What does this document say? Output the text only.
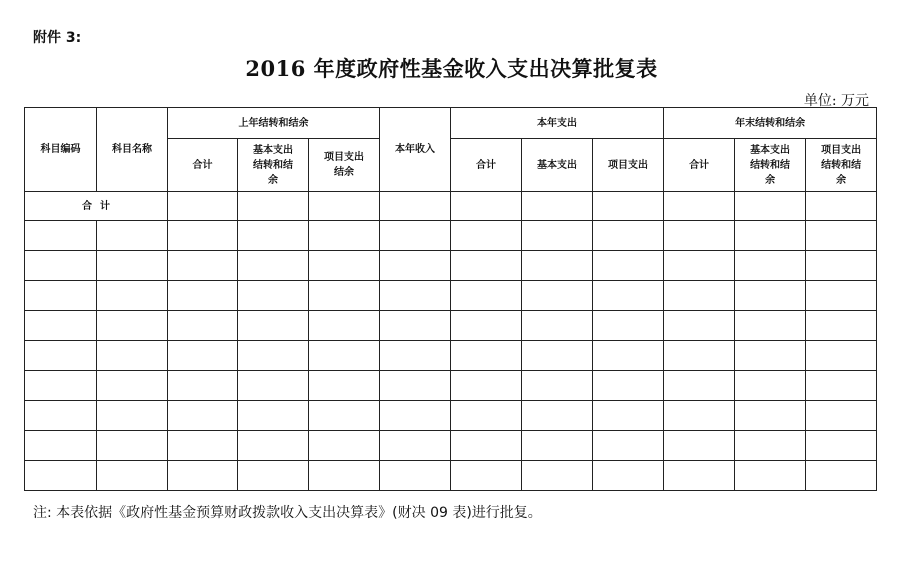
附件 3:
2016 年度政府性基金收入支出决算批复表
单位: 万元
科目编码	科目名称	上年结转和结余			本年收入	本年支出			年末结转和结余		
		合计	基本支出结转和结余	项目支出结余		合计	基本支出	项目支出	合计	基本支出结转和结余	项目支出结转和结余

合计											

注: 本表依据《政府性基金预算财政拨款收入支出决算表》(财决 09 表)进行批复。
